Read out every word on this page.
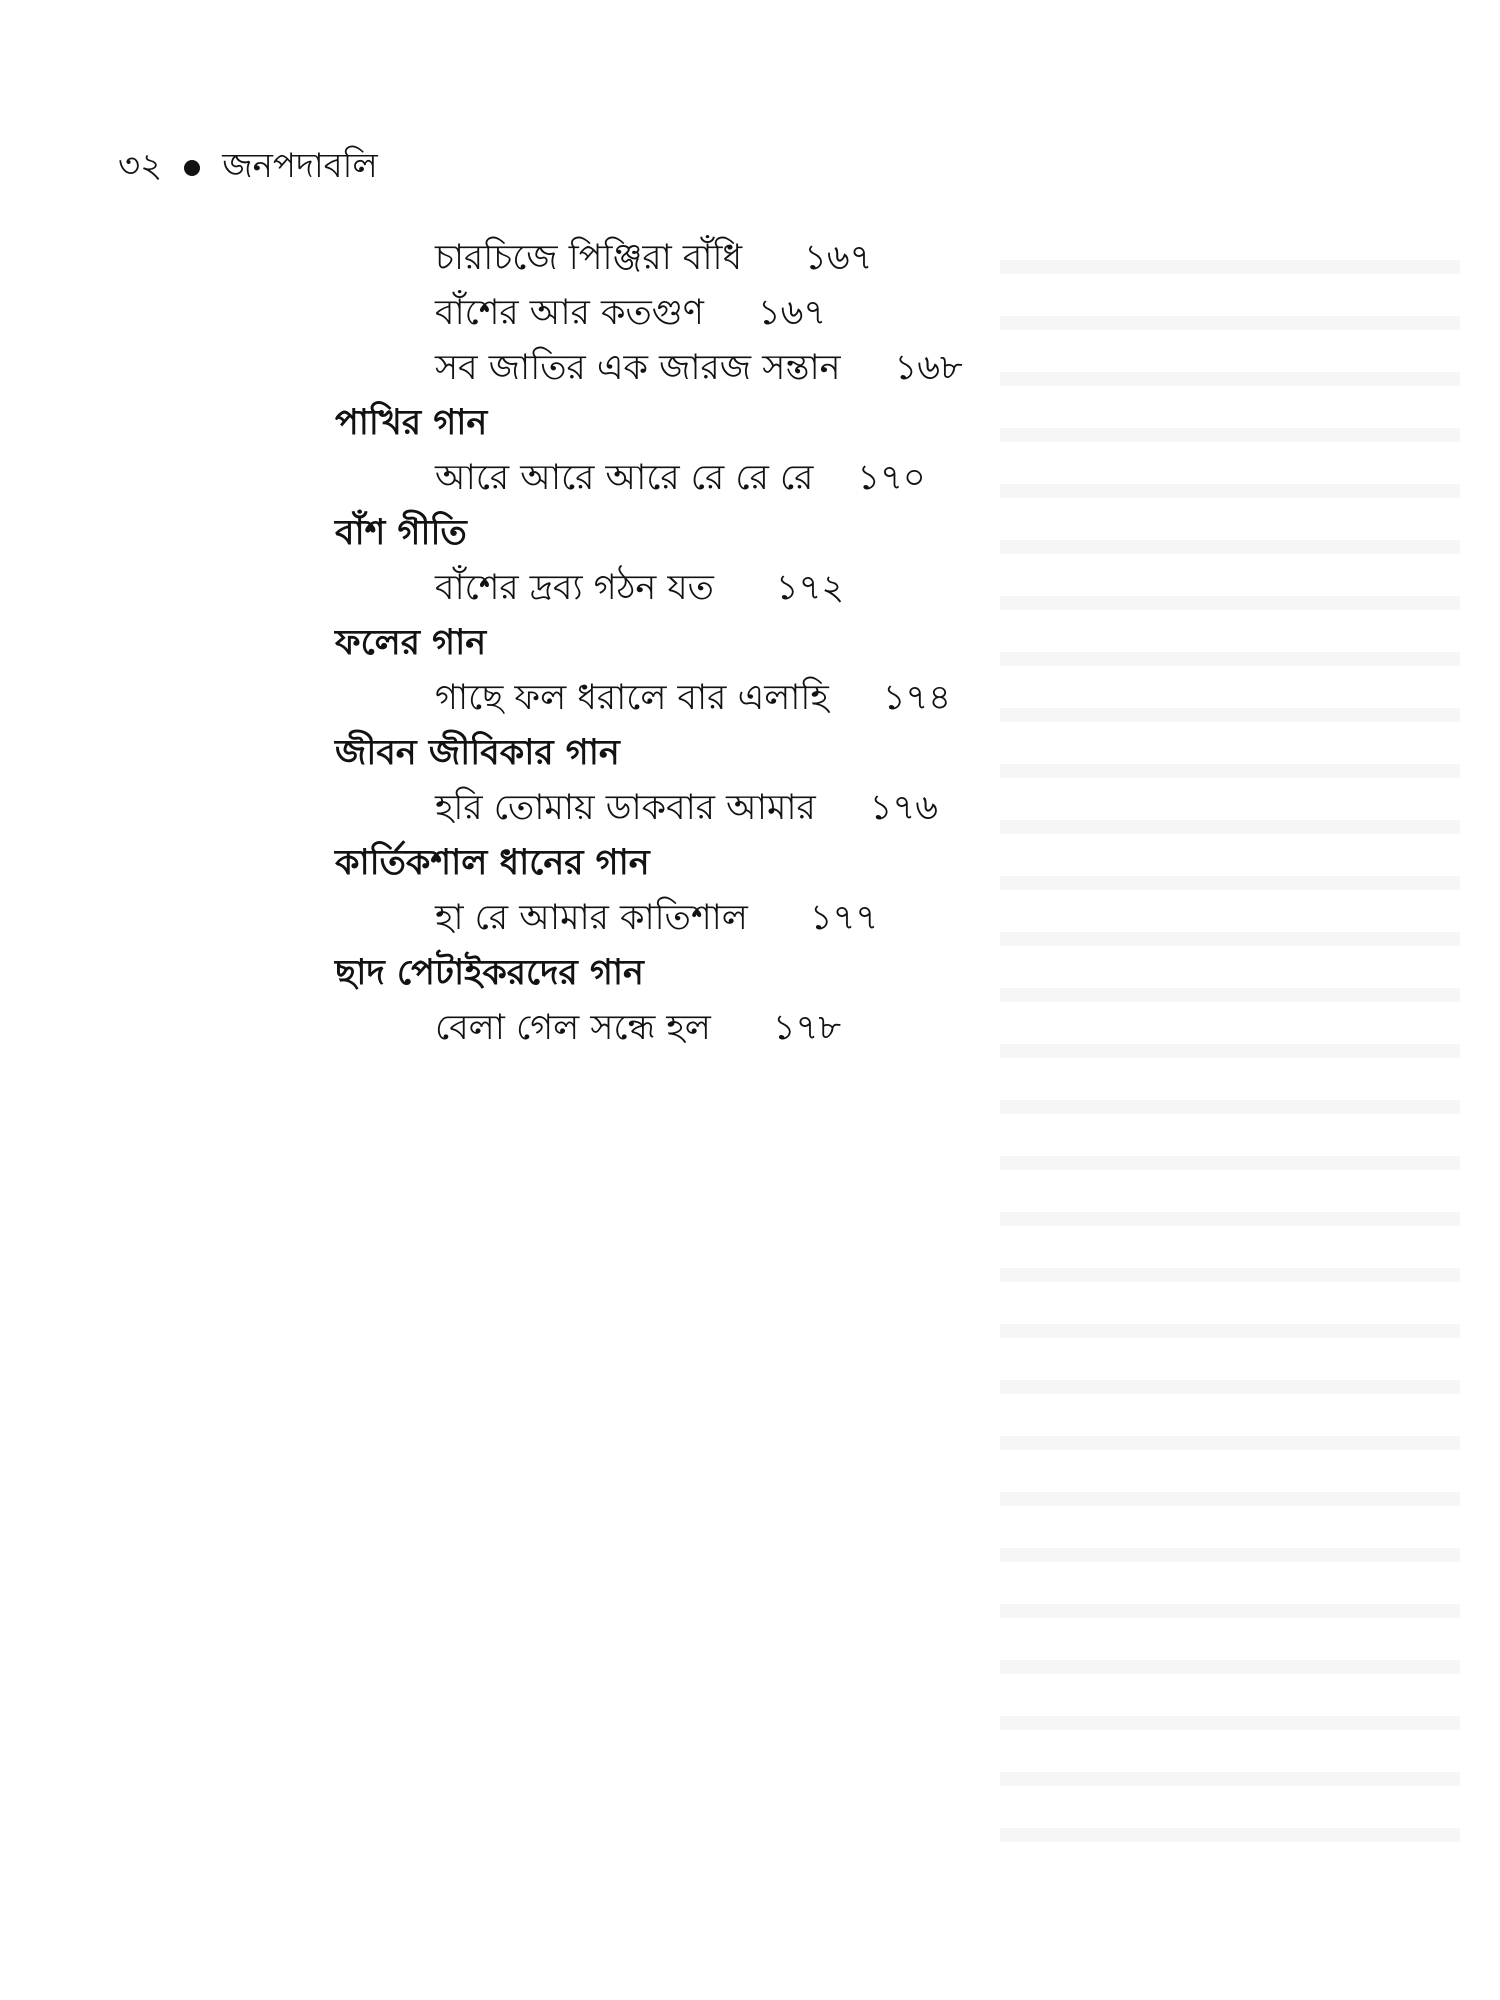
৩২ জনপদাবলি
চারচিজে পিঞ্জিরা বাঁধি ১৬৭
বাঁশের আর কতগুণ ১৬৭
সব জাতির এক জারজ সন্তান ১৬৮
পাখির গান
আরে আরে আরে রে রে রে ১৭০
বাঁশ গীতি
বাঁশের দ্রব্য গঠন যত ১৭২
ফলের গান
গাছে ফল ধরালে বার এলাহি ১৭৪
জীবন জীবিকার গান
হরি তোমায় ডাকবার আমার ১৭৬
কার্তিকশাল ধানের গান
হা রে আমার কাতিশাল ১৭৭
ছাদ পেটাইকরদের গান
বেলা গেল সন্ধে হল ১৭৮
